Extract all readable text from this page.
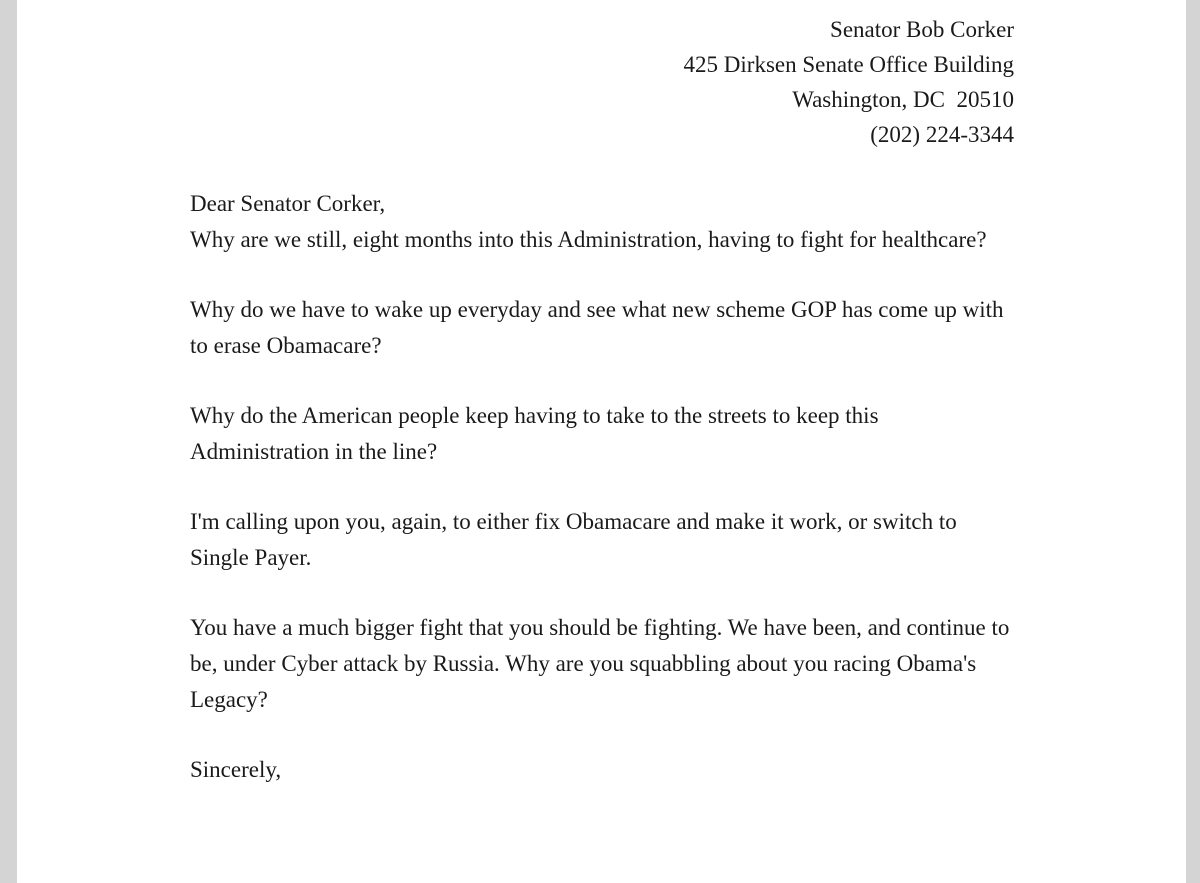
Senator Bob Corker
425 Dirksen Senate Office Building
Washington, DC  20510
(202) 224-3344
Dear Senator Corker,

Why are we still, eight months into this Administration, having to fight for healthcare?

Why do we have to wake up everyday and see what new scheme GOP has come up with to erase Obamacare?

Why do the American people keep having to take to the streets to keep this Administration in the line?

I'm calling upon you, again, to either fix Obamacare and make it work, or switch to Single Payer.

You have a much bigger fight that you should be fighting. We have been, and continue to be, under Cyber attack by Russia. Why are you squabbling about you racing Obama's Legacy?

Sincerely,
